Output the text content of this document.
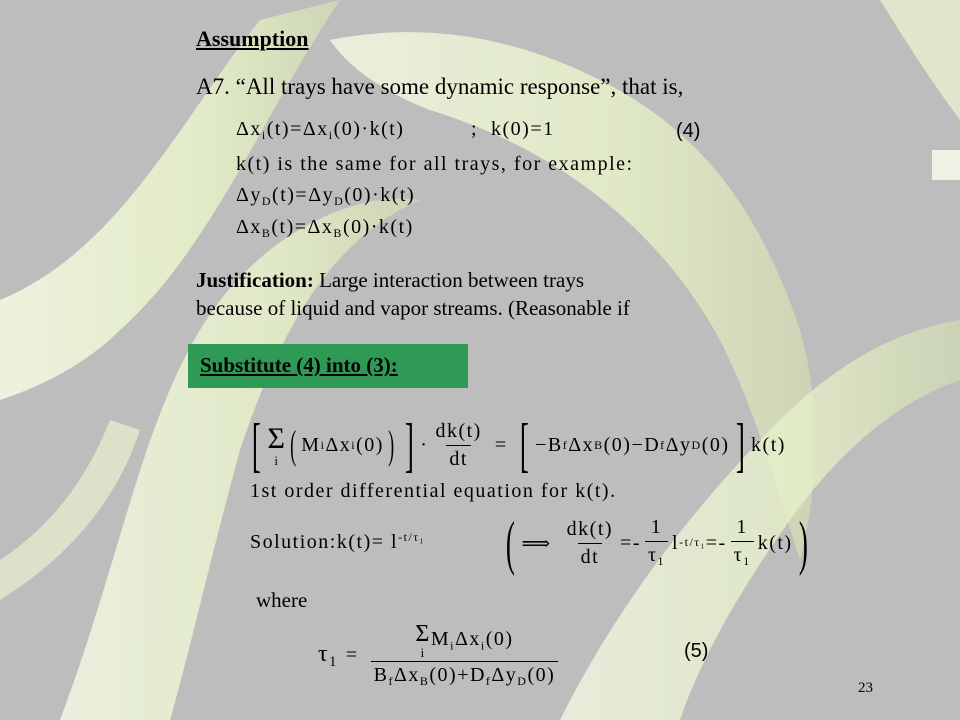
Assumption
A7. “All trays have some dynamic response”, that is,
$\Delta x_i(t)=\Delta x_i(0)\cdot k(t)$	;  k(0)=1	(4)
k(t) is the same for all trays, for example:
$\Delta y_D(t)=\Delta y_D(0)\cdot k(t)$
$\Delta x_B(t)=\Delta x_B(0)\cdot k(t)$
Justification: Large interaction between trays
because of liquid and vapor streams. (Reasonable if
Substitute (4) into (3):
[ Σ
i ( M i Δx i (0) ) ] · $\frac{dk(t)}{dt}$ = [ −B f Δx B (0)−D f Δy D (0) ] k(t)
1st order differential equation for k(t).
Solution:k(t)= $l^{-t/\tau_1}$ ( ⟹ $\frac{dk(t)}{dt} =- \frac{1}{\tau_1}$ l $-t/\tau_1 =- \frac{1}{\tau_1} k(t)$ )
where
$\tau_1 = \Sigma$
i
$M_i\Delta x_i(0)$
$B_f\Delta x_B(0)+D_f\Delta y_D(0)$	(5)
23
